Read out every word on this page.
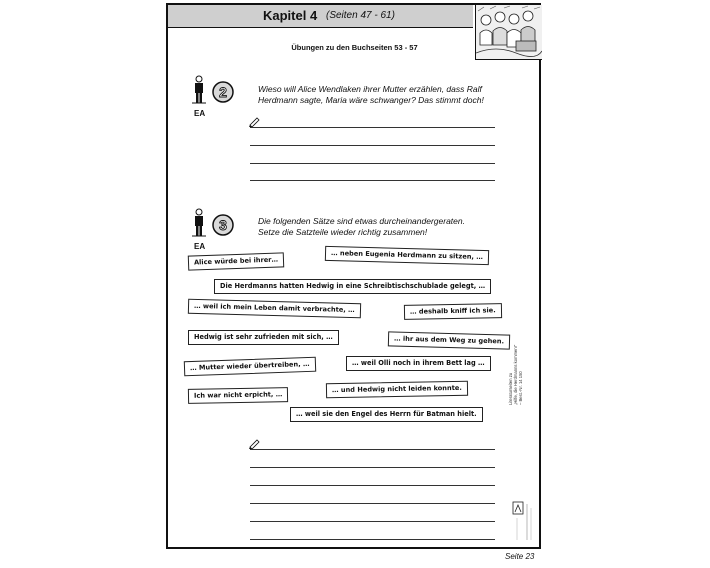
Kapitel 4 (Seiten 47 - 61)
Übungen zu den Buchseiten 53 - 57
2
EA
Wieso will Alice Wendlaken ihrer Mutter erzählen, dass Ralf
Herdmann sagte, Maria wäre schwanger? Das stimmt doch!
3
EA
Die folgenden Sätze sind etwas durcheinandergeraten.
Setze die Satzteile wieder richtig zusammen!
Alice würde bei ihrer…
… neben Eugenia Herdmann zu sitzen, …
Die Herdmanns hatten Hedwig in eine Schreibtischschublade gelegt, …
… weil ich mein Leben damit verbrachte, …	… deshalb kniff ich sie.
Hedwig ist sehr zufrieden mit sich, …	… ihr aus dem Weg zu gehen.
… Mutter wieder übertreiben, …	… weil Olli noch in ihrem Bett lag …
Ich war nicht erpicht, …
… und Hedwig nicht leiden konnte.
… weil sie den Engel des Herrn für Batman hielt.
Literaturseiten zu „Hilfe, die Herdmanns kommen!“ – Best.-Nr. 14 150
Seite 23
